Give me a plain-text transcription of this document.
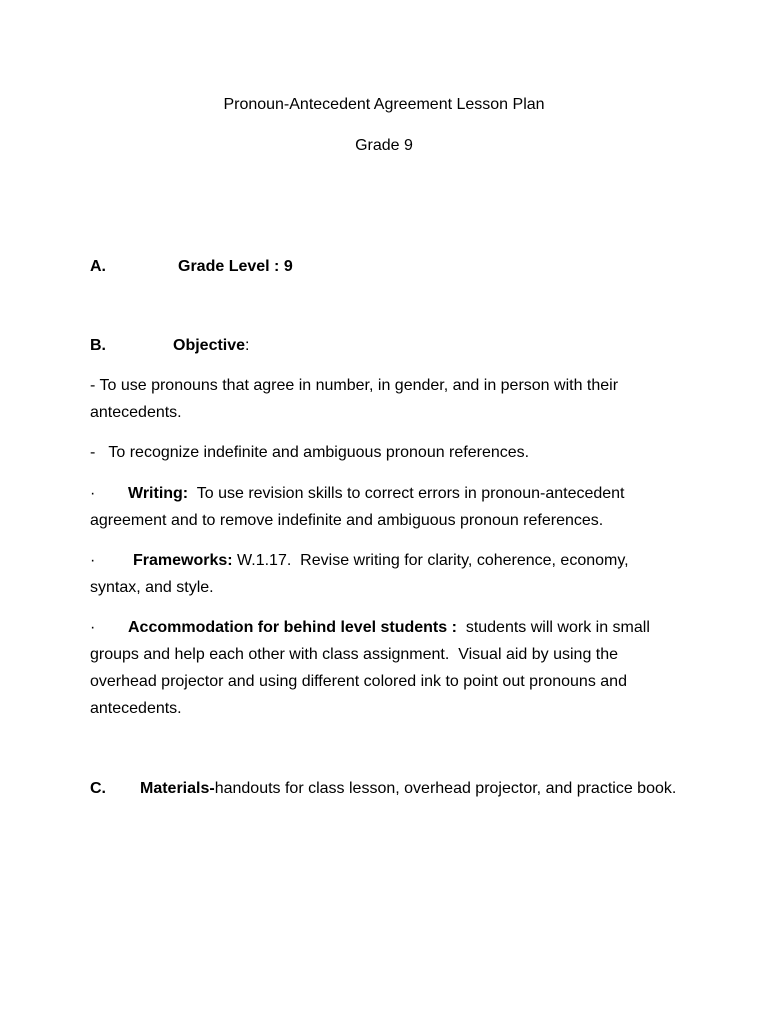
Pronoun-Antecedent Agreement Lesson Plan
Grade 9
A.	Grade Level : 9
B.	Objective:
- To use pronouns that agree in number, in gender, and in person with their antecedents.
-   To recognize indefinite and ambiguous pronoun references.
· Writing:  To use revision skills to correct errors in pronoun-antecedent agreement and to remove indefinite and ambiguous pronoun references.
· Frameworks: W.1.17.  Revise writing for clarity, coherence, economy, syntax, and style.
· Accommodation for behind level students :  students will work in small groups and help each other with class assignment.  Visual aid by using the overhead projector and using different colored ink to point out pronouns and antecedents.
C. Materials-handouts for class lesson, overhead projector, and practice book.
